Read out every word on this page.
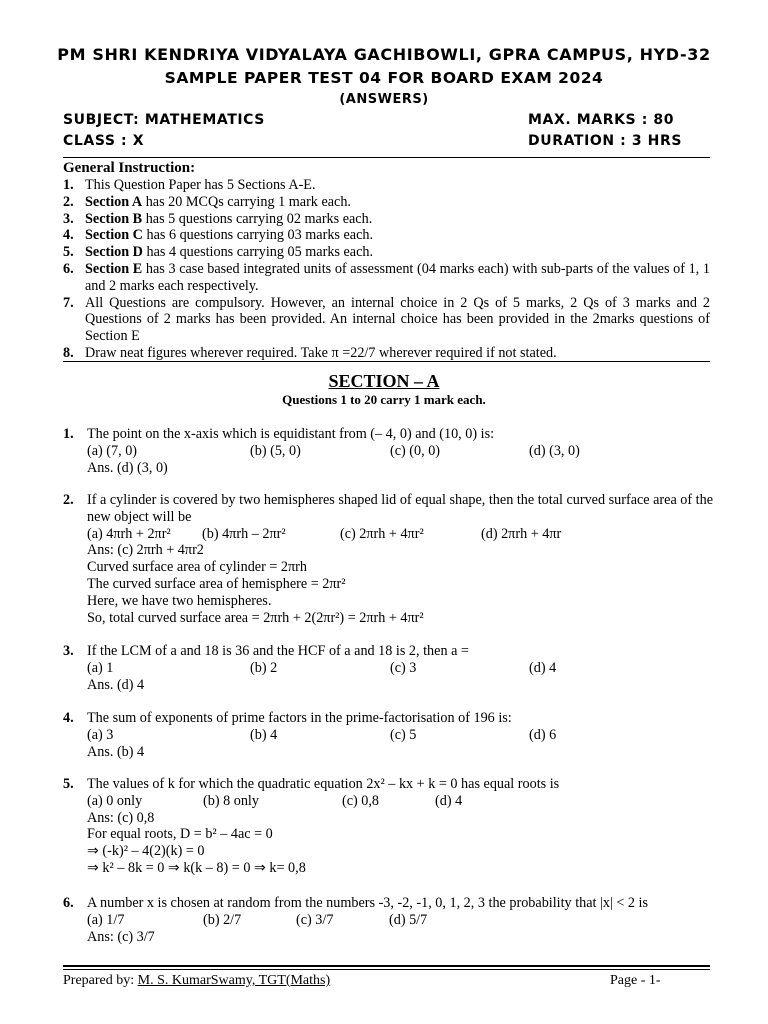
PM SHRI KENDRIYA VIDYALAYA GACHIBOWLI, GPRA CAMPUS, HYD-32
SAMPLE PAPER TEST 04 FOR BOARD EXAM 2024
(ANSWERS)
SUBJECT: MATHEMATICS	MAX. MARKS : 80
CLASS : X	DURATION : 3 HRS
General Instruction:
1. This Question Paper has 5 Sections A-E.
2. Section A has 20 MCQs carrying 1 mark each.
3. Section B has 5 questions carrying 02 marks each.
4. Section C has 6 questions carrying 03 marks each.
5. Section D has 4 questions carrying 05 marks each.
6. Section E has 3 case based integrated units of assessment (04 marks each) with sub-parts of the values of 1, 1 and 2 marks each respectively.
7. All Questions are compulsory. However, an internal choice in 2 Qs of 5 marks, 2 Qs of 3 marks and 2 Questions of 2 marks has been provided. An internal choice has been provided in the 2marks questions of Section E
8. Draw neat figures wherever required. Take π =22/7 wherever required if not stated.
SECTION – A
Questions 1 to 20 carry 1 mark each.
1. The point on the x-axis which is equidistant from (– 4, 0) and (10, 0) is:
(a) (7, 0)	(b) (5, 0)	(c) (0, 0)	(d) (3, 0)
Ans. (d) (3, 0)
2. If a cylinder is covered by two hemispheres shaped lid of equal shape, then the total curved surface area of the new object will be
(a) 4πrh + 2πr²	(b) 4πrh – 2πr²	(c) 2πrh + 4πr²	(d) 2πrh + 4πr
Ans: (c) 2πrh + 4πr2
Curved surface area of cylinder = 2πrh
The curved surface area of hemisphere = 2πr²
Here, we have two hemispheres.
So, total curved surface area = 2πrh + 2(2πr²) = 2πrh + 4πr²
3. If the LCM of a and 18 is 36 and the HCF of a and 18 is 2, then a =
(a) 1	(b) 2	(c) 3	(d) 4
Ans. (d) 4
4. The sum of exponents of prime factors in the prime-factorisation of 196 is:
(a) 3	(b) 4	(c) 5	(d) 6
Ans. (b) 4
5. The values of k for which the quadratic equation 2x² – kx + k = 0 has equal roots is
(a) 0 only	(b) 8 only	(c) 0,8	(d) 4
Ans: (c) 0,8
For equal roots, D = b² – 4ac = 0
⇒ (-k)² – 4(2)(k) = 0
⇒ k² – 8k = 0 ⇒ k(k – 8) = 0 ⇒ k= 0,8
6. A number x is chosen at random from the numbers -3, -2, -1, 0, 1, 2, 3 the probability that |x| < 2 is
(a) 1/7	(b) 2/7	(c) 3/7	(d) 5/7
Ans: (c) 3/7
Prepared by: M. S. KumarSwamy, TGT(Maths)	Page - 1-
